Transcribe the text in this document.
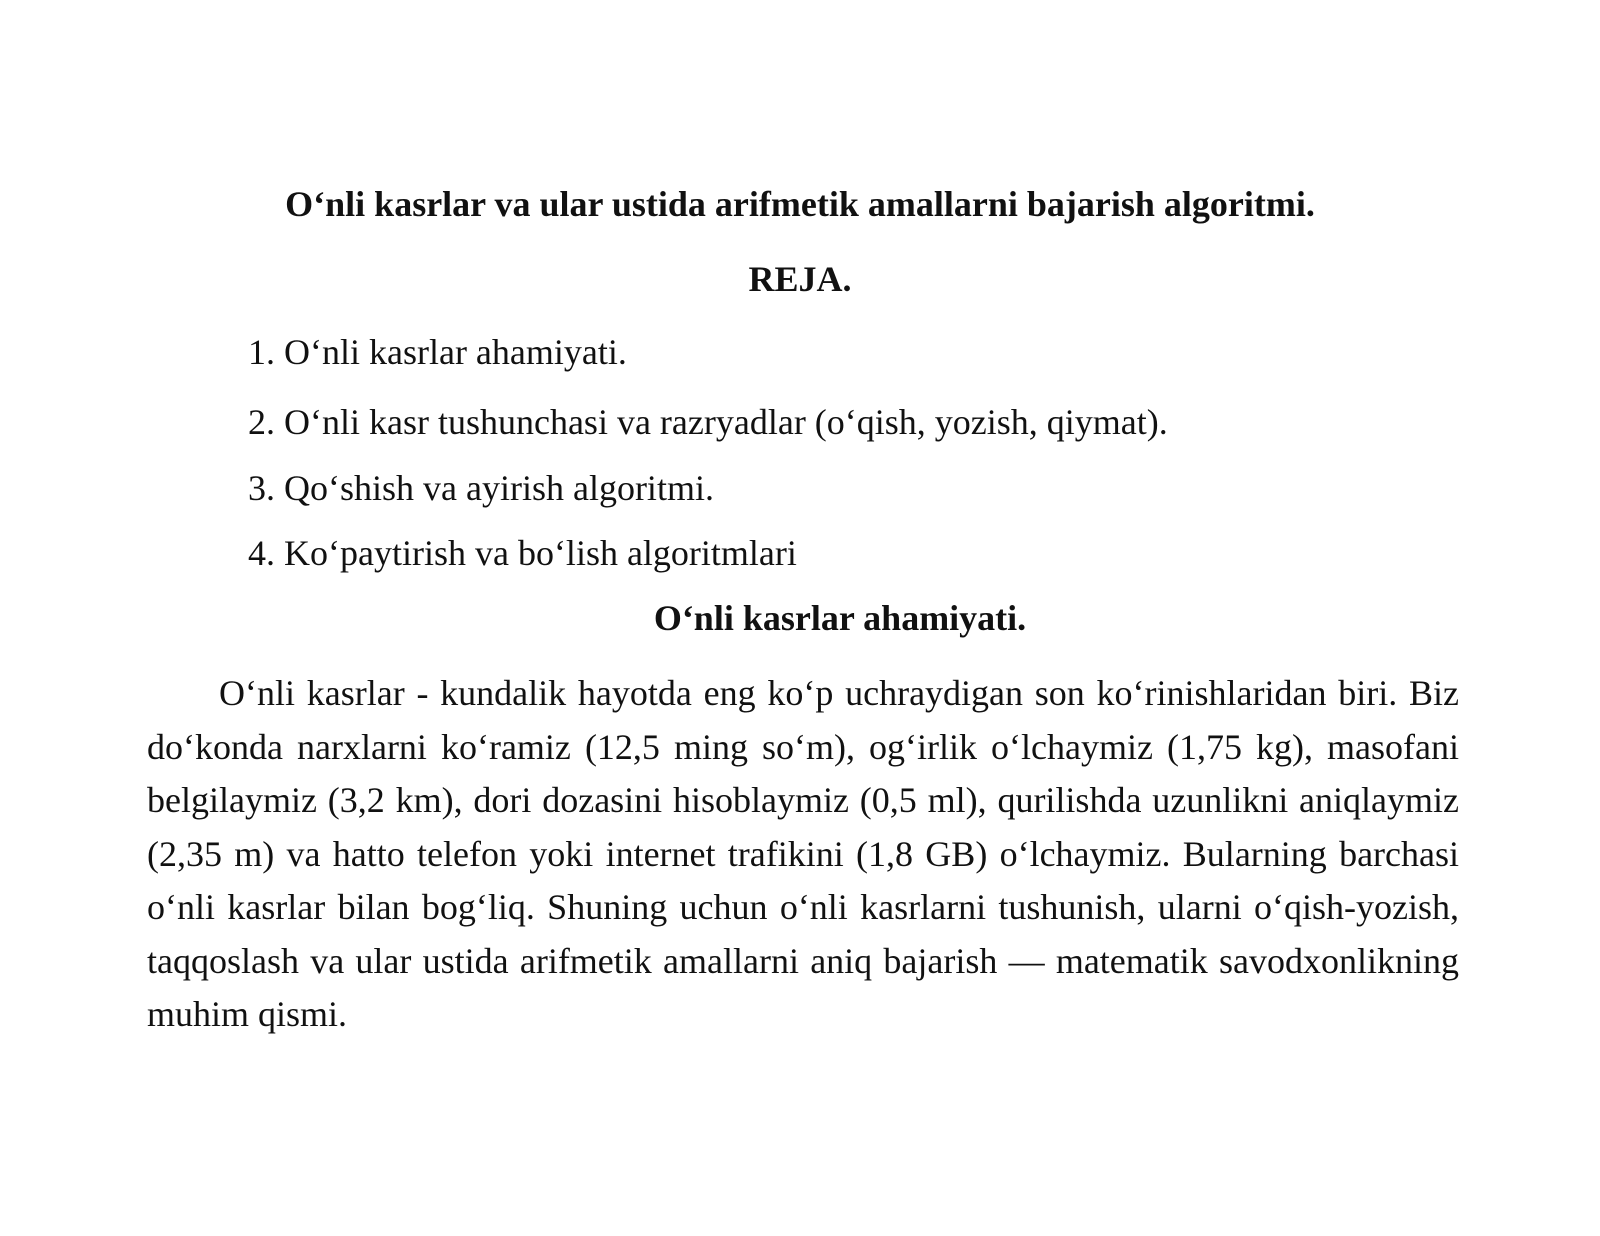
O‘nli kasrlar va ular ustida arifmetik amallarni bajarish algoritmi.
REJA.
1. O‘nli kasrlar ahamiyati.
2. O‘nli kasr tushunchasi va razryadlar (o‘qish, yozish, qiymat).
3. Qo‘shish va ayirish algoritmi.
4. Ko‘paytirish va bo‘lish algoritmlari
O‘nli kasrlar ahamiyati.

O‘nli kasrlar - kundalik hayotda eng ko‘p uchraydigan son ko‘rinishlaridan biri. Biz do‘konda narxlarni ko‘ramiz (12,5 ming so‘m), og‘irlik o‘lchaymiz (1,75 kg), masofani belgilaymiz (3,2 km), dori dozasini hisoblaymiz (0,5 ml), qurilishda uzunlikni aniqlaymiz (2,35 m) va hatto telefon yoki internet trafikini (1,8 GB) o‘lchaymiz. Bularning barchasi o‘nli kasrlar bilan bog‘liq. Shuning uchun o‘nli kasrlarni tushunish, ularni o‘qish-yozish, taqqoslash va ular ustida arifmetik amallarni aniq bajarish — matematik savodxonlikning muhim qismi.
